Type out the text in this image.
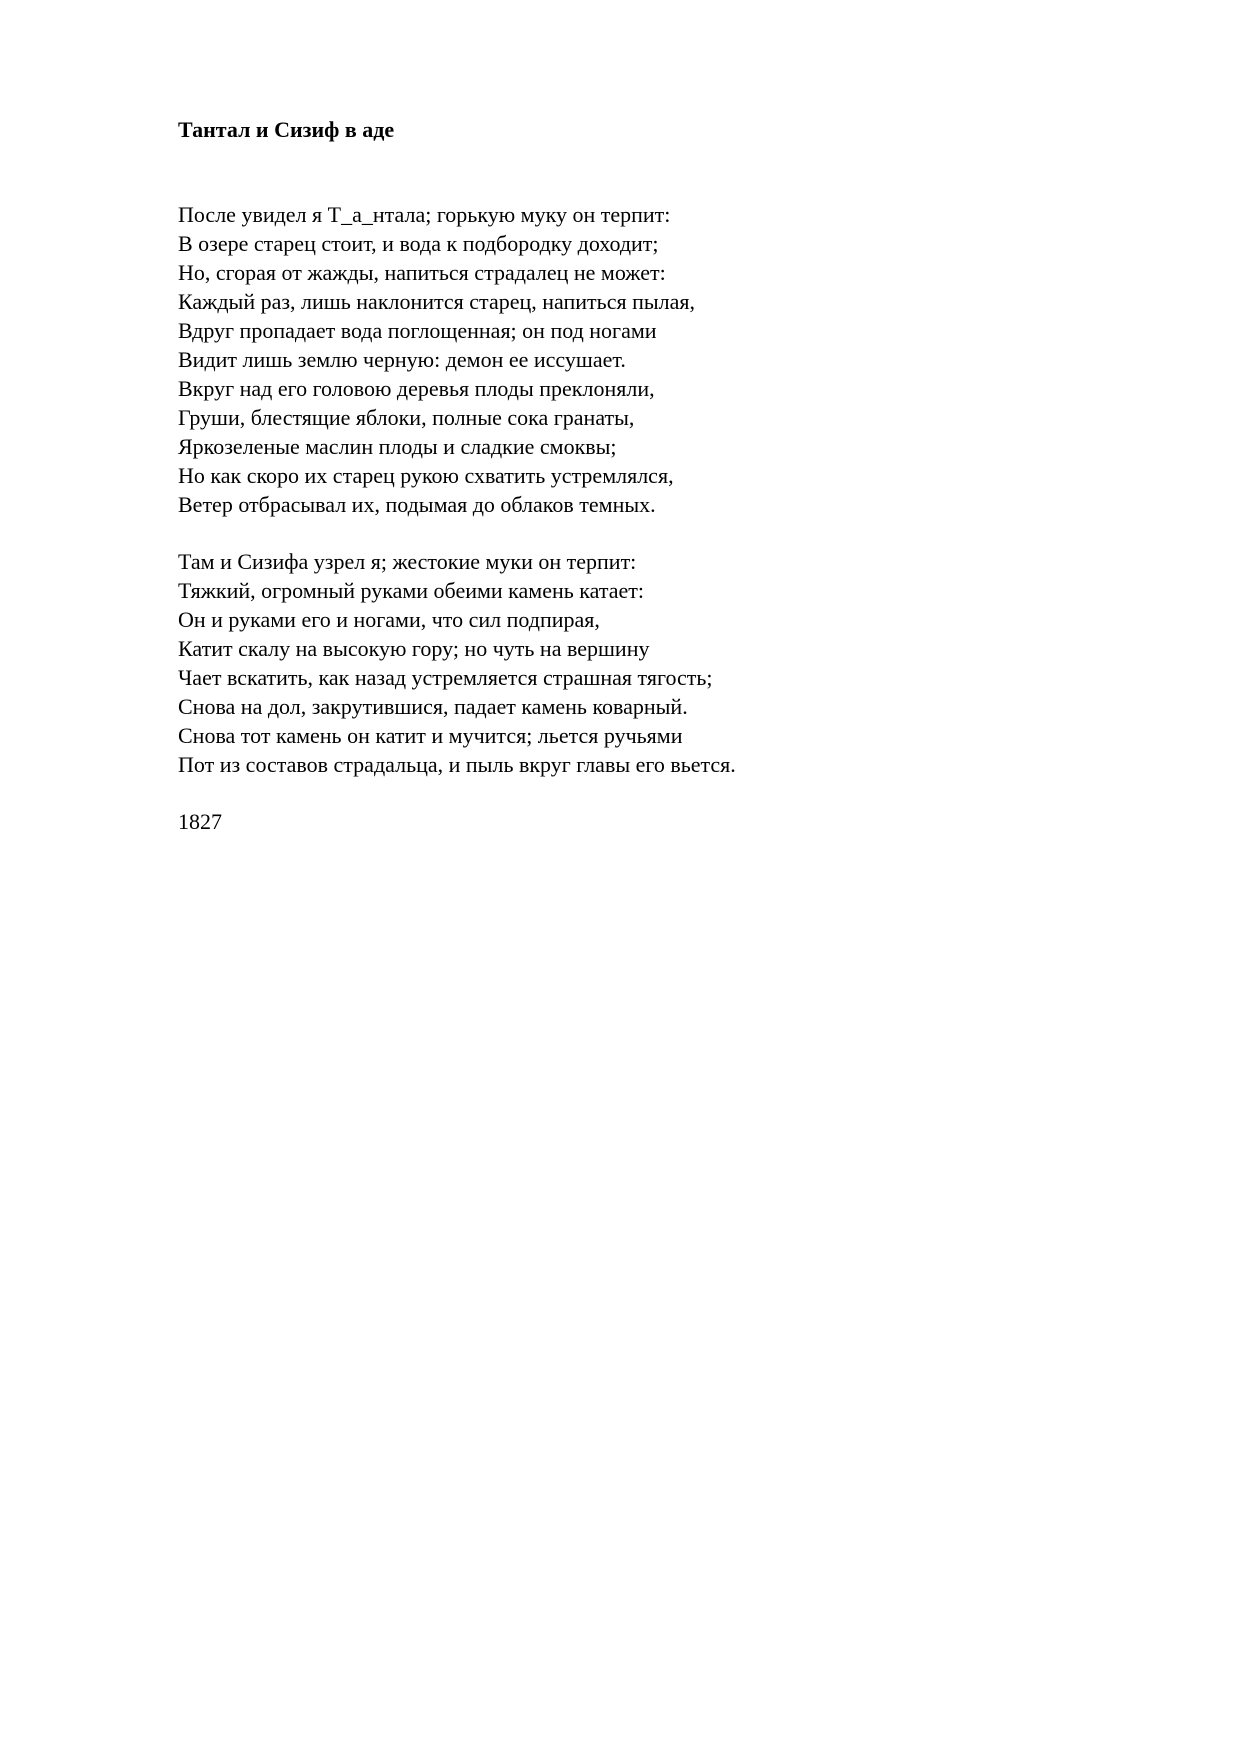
Тантал и Сизиф в аде
После увидел я Т_а_нтала; горькую муку он терпит:
В озере старец стоит, и вода к подбородку доходит;
Но, сгорая от жажды, напиться страдалец не может:
Каждый раз, лишь наклонится старец, напиться пылая,
Вдруг пропадает вода поглощенная; он под ногами
Видит лишь землю черную: демон ее иссушает.
Вкруг над его головою деревья плоды преклоняли,
Груши, блестящие яблоки, полные сока гранаты,
Яркозеленые маслин плоды и сладкие смоквы;
Но как скоро их старец рукою схватить устремлялся,
Ветер отбрасывал их, подымая до облаков темных.
Там и Сизифа узрел я; жестокие муки он терпит:
Тяжкий, огромный руками обеими камень катает:
Он и руками его и ногами, что сил подпирая,
Катит скалу на высокую гору; но чуть на вершину
Чает вскатить, как назад устремляется страшная тягость;
Снова на дол, закрутившися, падает камень коварный.
Снова тот камень он катит и мучится; льется ручьями
Пот из составов страдальца, и пыль вкруг главы его вьется.
1827
